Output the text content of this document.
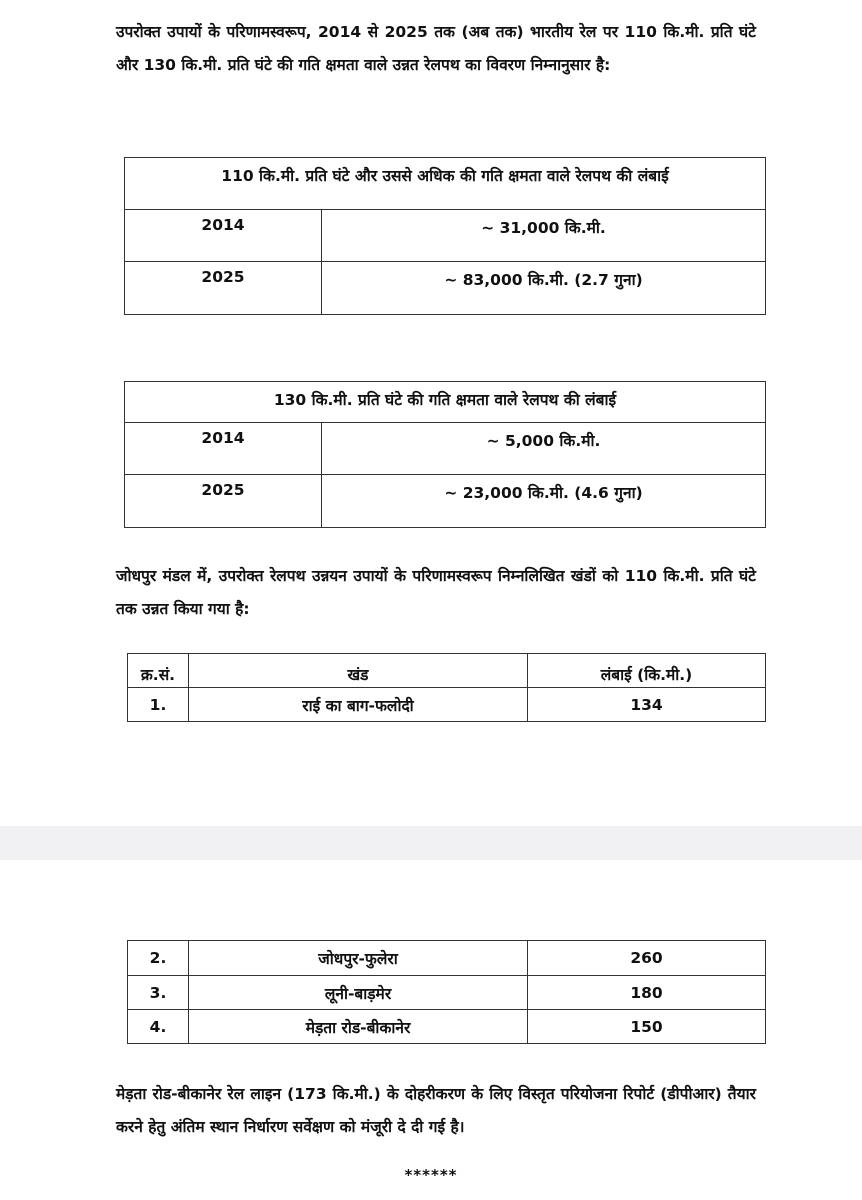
उपरोक्त उपायों के परिणामस्वरूप, 2014 से 2025 तक (अब तक) भारतीय रेल पर 110 कि.मी. प्रति घंटे और 130 कि.मी. प्रति घंटे की गति क्षमता वाले उन्नत रेलपथ का विवरण निम्नानुसार है:

110 कि.मी. प्रति घंटे और उससे अधिक की गति क्षमता वाले रेलपथ की लंबाई	
2014	~ 31,000 कि.मी.
2025	~ 83,000 कि.मी. (2.7 गुना)
130 कि.मी. प्रति घंटे की गति क्षमता वाले रेलपथ की लंबाई	
2014	~ 5,000 कि.मी.
2025	~ 23,000 कि.मी. (4.6 गुना)

जोधपुर मंडल में, उपरोक्त रेलपथ उन्नयन उपायों के परिणामस्वरूप निम्नलिखित खंडों को 110 कि.मी. प्रति घंटे तक उन्नत किया गया है:

क्र.सं.	खंड	लंबाई (कि.मी.)
1.	राई का बाग-फलोदी	134
2.	जोधपुर-फुलेरा	260
3.	लूनी-बाड़मेर	180
4.	मेड़ता रोड-बीकानेर	150

मेड़ता रोड-बीकानेर रेल लाइन (173 कि.मी.) के दोहरीकरण के लिए विस्तृत परियोजना रिपोर्ट (डीपीआर) तैयार करने हेतु अंतिम स्थान निर्धारण सर्वेक्षण को मंजूरी दे दी गई है।

******
